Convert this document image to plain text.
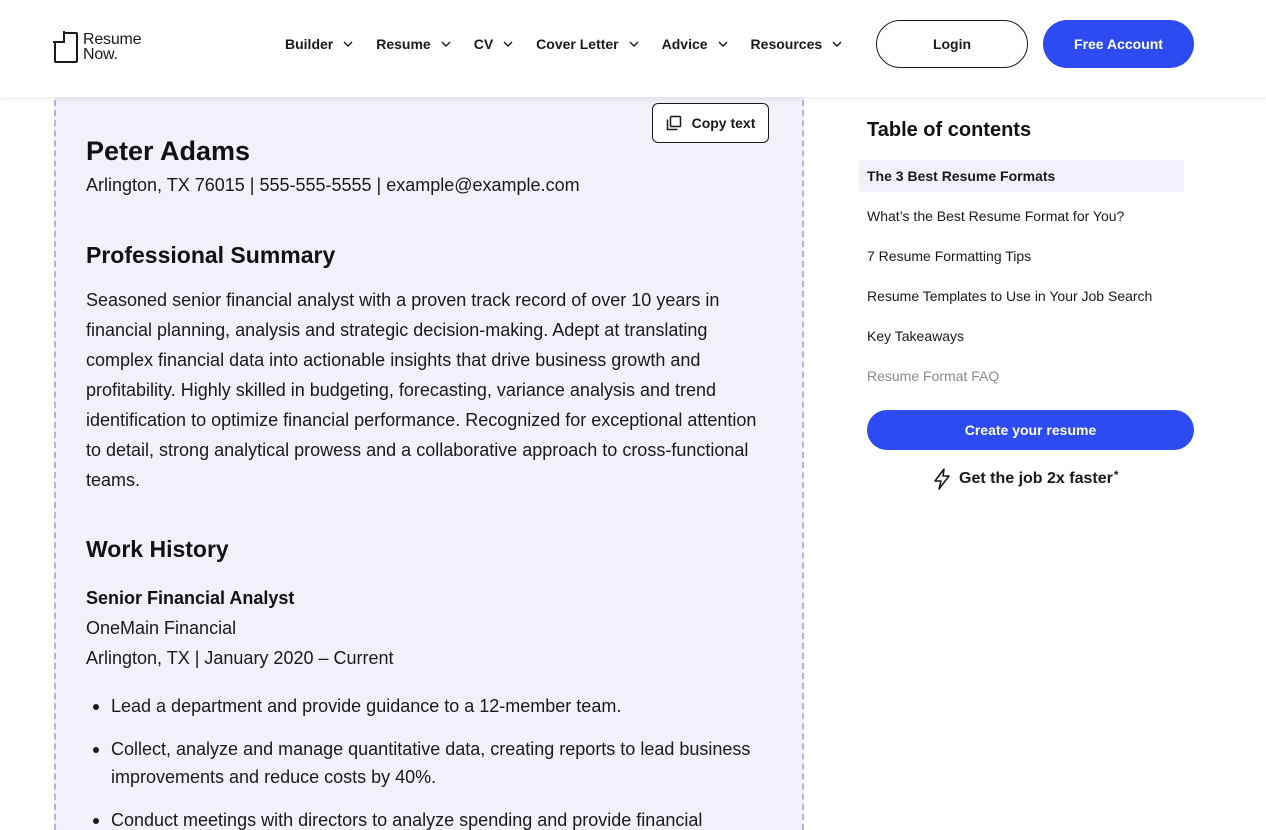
Resume
Now.
Builder	Resume	CV	Cover Letter	Advice	Resources	Login	Free Account
Copy text
Peter Adams
Arlington, TX 76015 | 555-555-5555 | example@example.com
Professional Summary
Seasoned senior financial analyst with a proven track record of over 10 years in financial planning, analysis and strategic decision-making. Adept at translating complex financial data into actionable insights that drive business growth and profitability. Highly skilled in budgeting, forecasting, variance analysis and trend identification to optimize financial performance. Recognized for exceptional attention to detail, strong analytical prowess and a collaborative approach to cross-functional teams.
Work History
Senior Financial Analyst
OneMain Financial
Arlington, TX | January 2020 – Current
Lead a department and provide guidance to a 12-member team.
Collect, analyze and manage quantitative data, creating reports to lead business improvements and reduce costs by 40%.
Conduct meetings with directors to analyze spending and provide financial
Table of contents
The 3 Best Resume Formats
What’s the Best Resume Format for You?
7 Resume Formatting Tips
Resume Templates to Use in Your Job Search
Key Takeaways
Resume Format FAQ
Create your resume
Get the job 2x faster*
